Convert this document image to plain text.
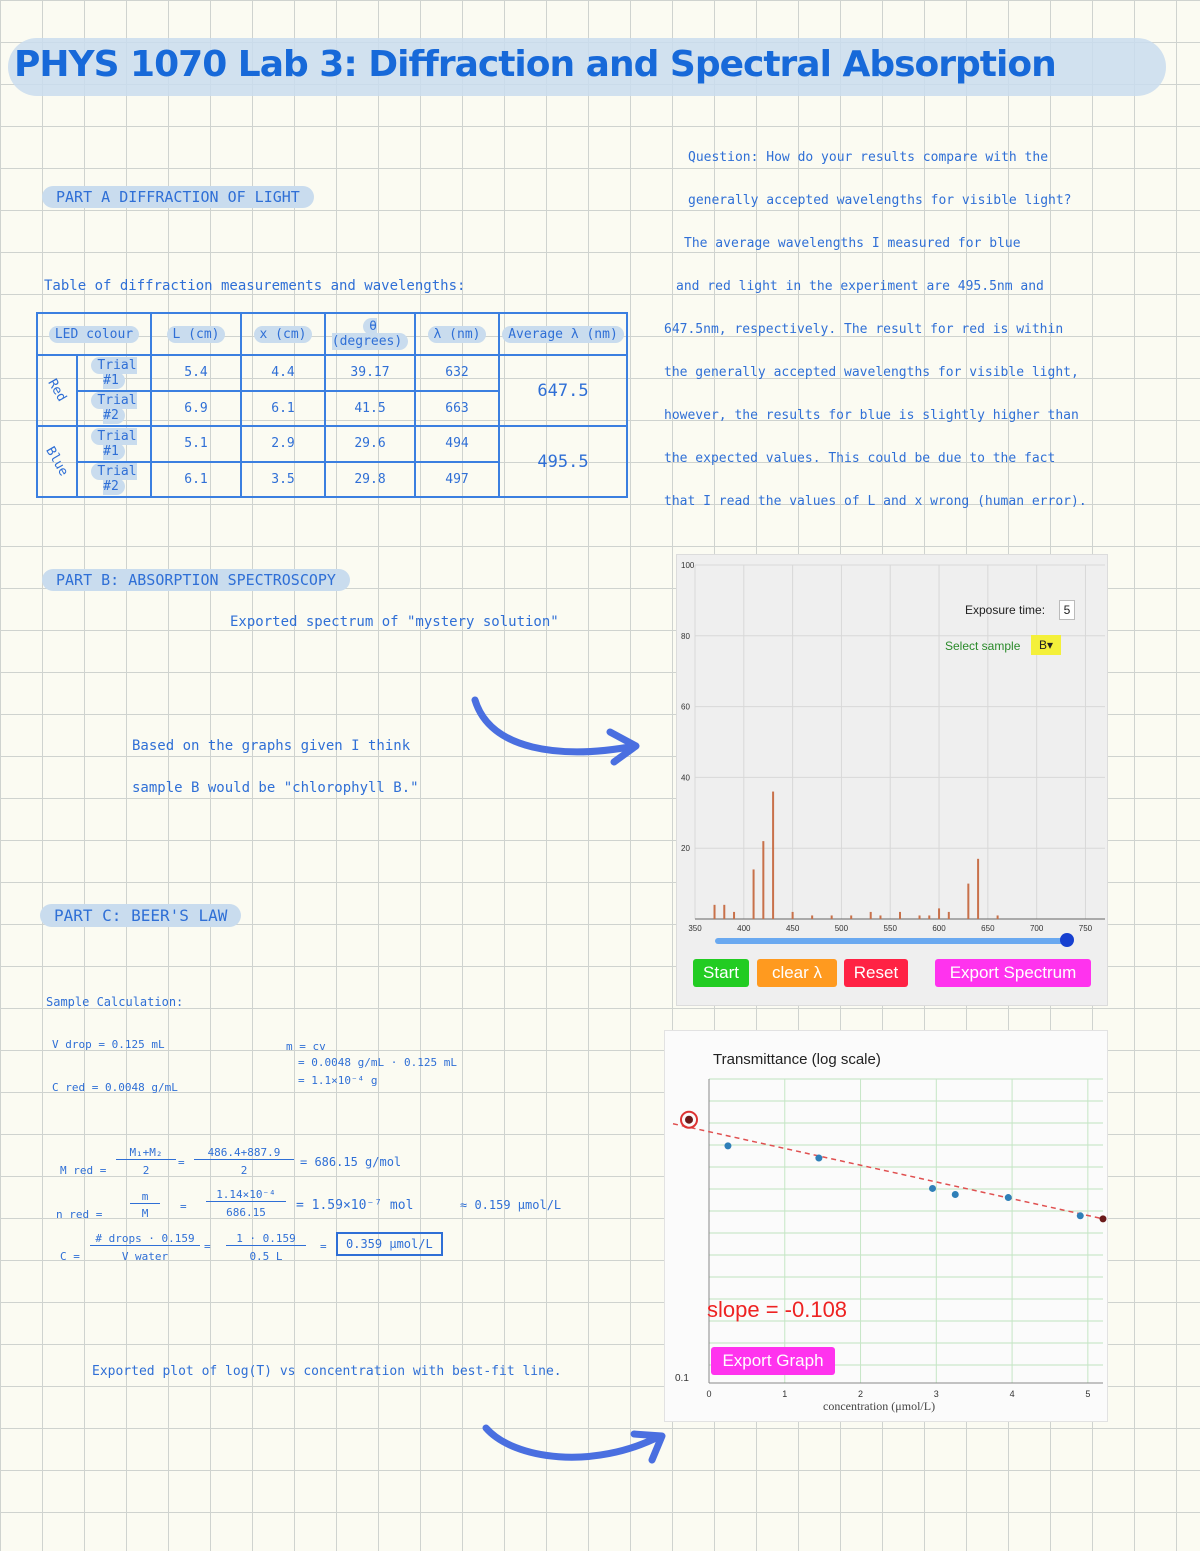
PHYS 1070 Lab 3: Diffraction and Spectral Absorption
PART A DIFFRACTION OF LIGHT
Table of diffraction measurements and wavelengths:
LED colour		L (cm)	x (cm)	θ (degrees)	λ (nm)	Average λ (nm)
Red	Trial #1	5.4	4.4	39.17	632	647.5
	Trial #2	6.9	6.1	41.5	663	
Blue	Trial #1	5.1	2.9	29.6	494	495.5
	Trial #2	6.1	3.5	29.8	497	
Question: How do your results compare with the
generally accepted wavelengths for visible light?
The average wavelengths I measured for blue
and red light in the experiment are 495.5nm and
647.5nm, respectively. The result for red is within
the generally accepted wavelengths for visible light,
however, the results for blue is slightly higher than
the expected values. This could be due to the fact
that I read the values of L and x wrong (human error).
PART B: ABSORPTION SPECTROSCOPY
Exported spectrum of "mystery solution"
Based on the graphs given I think
sample B would be "chlorophyll B."
350	400	450	500	550	600	650	700	750
20
40
60
80
100
Exposure time:	5
Select sample	B▾
Start	clear λ	Reset	Export Spectrum
PART C: BEER'S LAW
Sample Calculation:
V drop = 0.125 mL
C red = 0.0048 g/mL
m = cv
= 0.0048 g/mL · 0.125 mL
= 1.1×10⁻⁴ g
M red =
M₁+M₂
2
=
486.4+887.9
2
= 686.15 g/mol
n red =
m
M
=
1.14×10⁻⁴
686.15	= 1.59×10⁻⁷ mol	≈ 0.159 μmol/L
C =
# drops · 0.159
V water
=
1 · 0.159
0.5 L
=	0.359 μmol/L
Exported plot of log(T) vs concentration with best-fit line.
0	1	2	3	4	5
Transmittance (log scale)
slope = -0.108
Export Graph
0.1
concentration (μmol/L)
